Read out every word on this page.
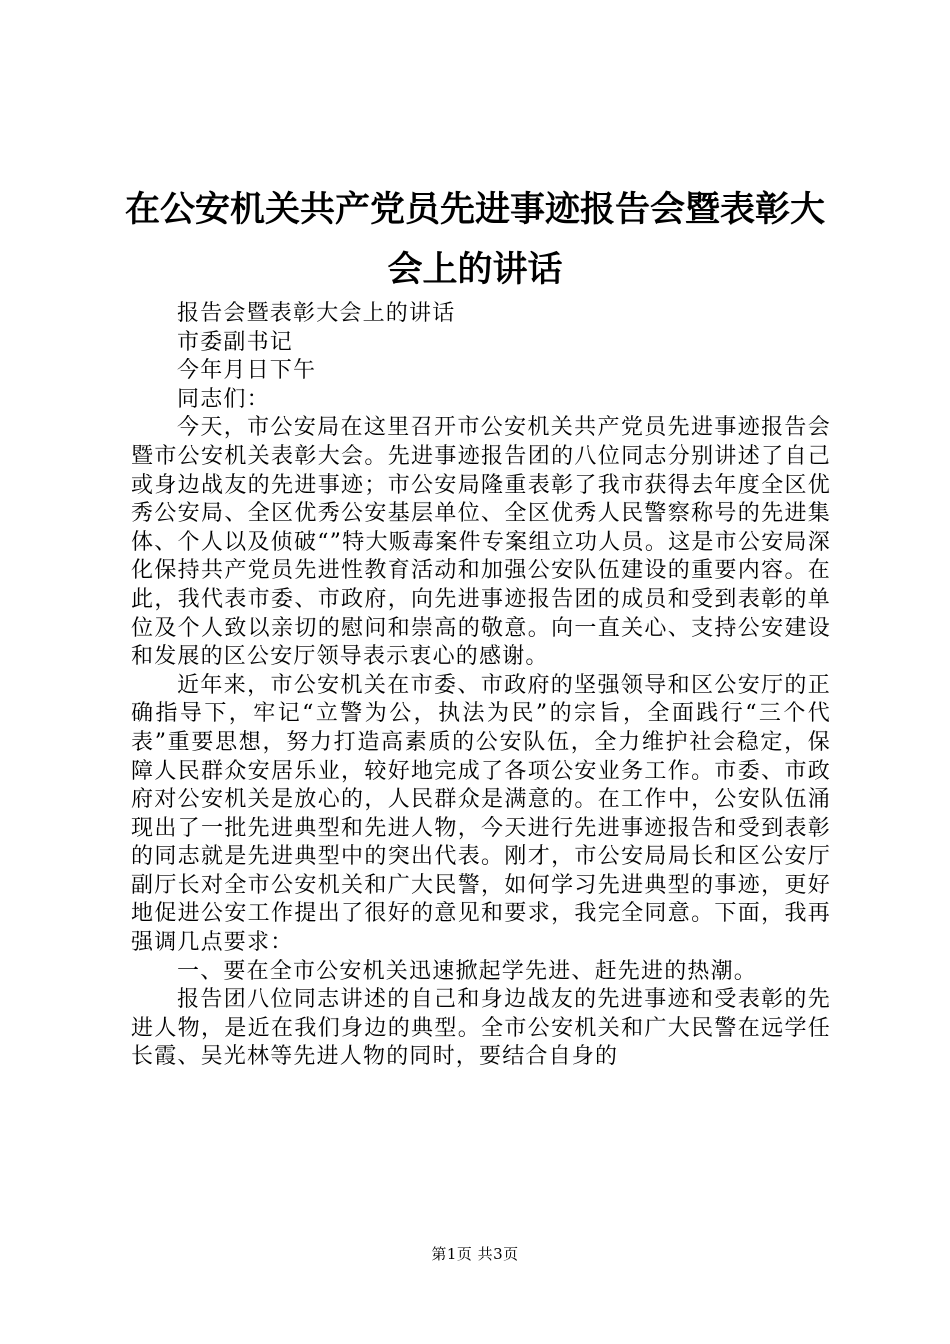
在公安机关共产党员先进事迹报告会暨表彰大会上的讲话

报告会暨表彰大会上的讲话

市委副书记

今年月日下午

同志们：

今天，市公安局在这里召开市公安机关共产党员先进事迹报告会暨市公安机关表彰大会。先进事迹报告团的八位同志分别讲述了自己或身边战友的先进事迹；市公安局隆重表彰了我市获得去年度全区优秀公安局、全区优秀公安基层单位、全区优秀人民警察称号的先进集体、个人以及侦破“”特大贩毒案件专案组立功人员。这是市公安局深化保持共产党员先进性教育活动和加强公安队伍建设的重要内容。在此，我代表市委、市政府，向先进事迹报告团的成员和受到表彰的单位及个人致以亲切的慰问和崇高的敬意。向一直关心、支持公安建设和发展的区公安厅领导表示衷心的感谢。

近年来，市公安机关在市委、市政府的坚强领导和区公安厅的正确指导下，牢记“立警为公，执法为民”的宗旨，全面践行“三个代表”重要思想，努力打造高素质的公安队伍，全力维护社会稳定，保障人民群众安居乐业，较好地完成了各项公安业务工作。市委、市政府对公安机关是放心的，人民群众是满意的。在工作中，公安队伍涌现出了一批先进典型和先进人物，今天进行先进事迹报告和受到表彰的同志就是先进典型中的突出代表。刚才，市公安局局长和区公安厅副厅长对全市公安机关和广大民警，如何学习先进典型的事迹，更好地促进公安工作提出了很好的意见和要求，我完全同意。下面，我再强调几点要求：

一、要在全市公安机关迅速掀起学先进、赶先进的热潮。

报告团八位同志讲述的自己和身边战友的先进事迹和受表彰的先进人物，是近在我们身边的典型。全市公安机关和广大民警在远学任长霞、吴光林等先进人物的同时，要结合自身的

第1页 共3页
